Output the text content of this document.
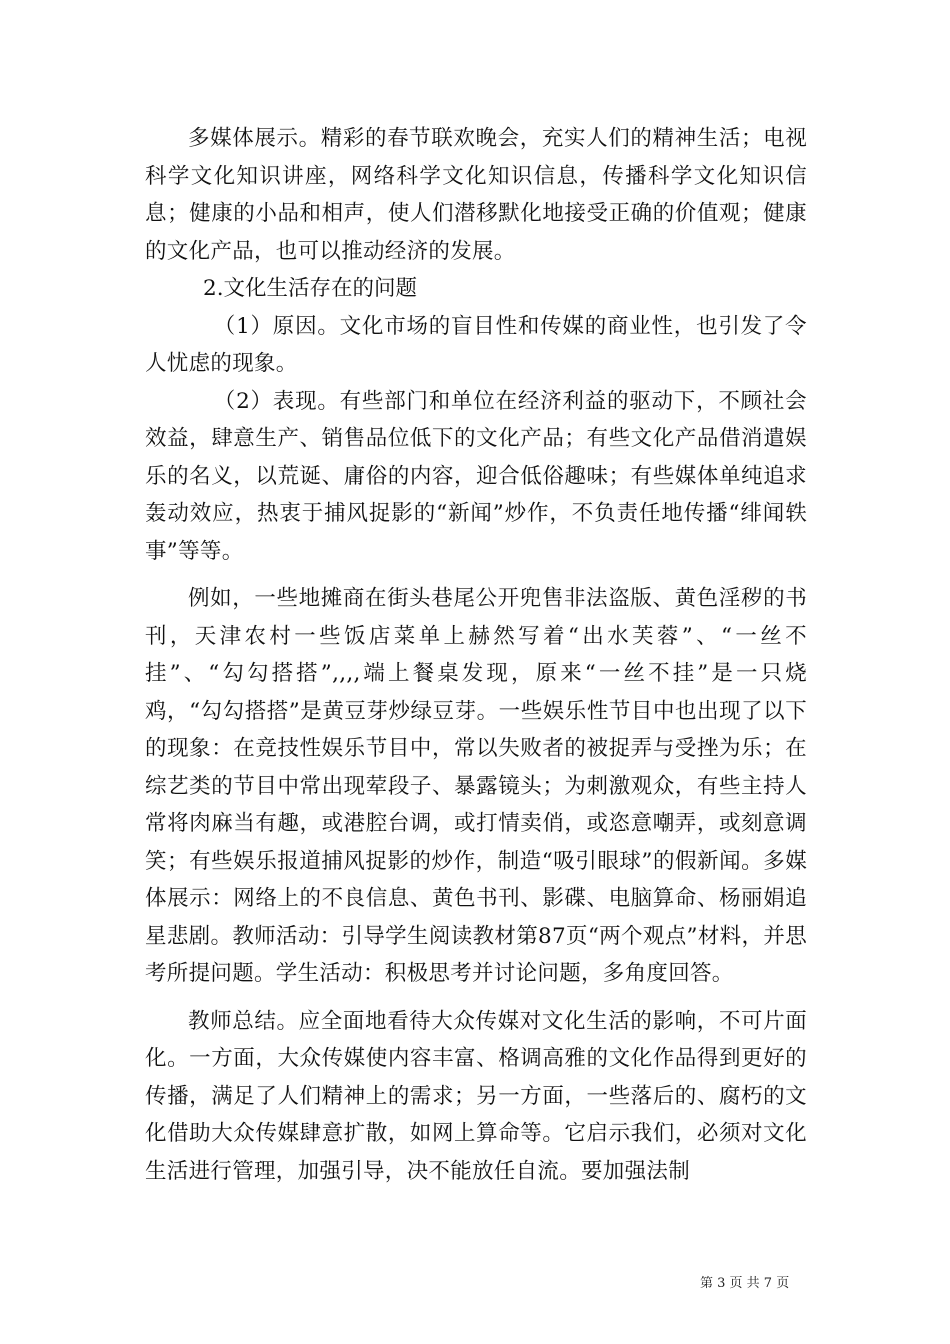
多媒体展示。精彩的春节联欢晚会，充实人们的精神生活；电视科学文化知识讲座，网络科学文化知识信息，传播科学文化知识信息；健康的小品和相声，使人们潜移默化地接受正确的价值观；健康的文化产品，也可以推动经济的发展。

2.文化生活存在的问题

（1）原因。文化市场的盲目性和传媒的商业性，也引发了令人忧虑的现象。

（2）表现。有些部门和单位在经济利益的驱动下，不顾社会效益，肆意生产、销售品位低下的文化产品；有些文化产品借消遣娱乐的名义，以荒诞、庸俗的内容，迎合低俗趣味；有些媒体单纯追求轰动效应，热衷于捕风捉影的“新闻”炒作，不负责任地传播“绯闻轶事”等等。

例如，一些地摊商在街头巷尾公开兜售非法盗版、黄色淫秽的书刊，天津农村一些饭店菜单上赫然写着“出水芙蓉”、“一丝不挂”、“勾勾搭搭”,,,,端上餐桌发现，原来“一丝不挂”是一只烧鸡，“勾勾搭搭”是黄豆芽炒绿豆芽。一些娱乐性节目中也出现了以下的现象：在竞技性娱乐节目中，常以失败者的被捉弄与受挫为乐；在综艺类的节目中常出现荤段子、暴露镜头；为刺激观众，有些主持人常将肉麻当有趣，或港腔台调，或打情卖俏，或恣意嘲弄，或刻意调笑；有些娱乐报道捕风捉影的炒作，制造“吸引眼球”的假新闻。多媒体展示：网络上的不良信息、黄色书刊、影碟、电脑算命、杨丽娟追星悲剧。教师活动：引导学生阅读教材第87页“两个观点”材料，并思考所提问题。学生活动：积极思考并讨论问题，多角度回答。

教师总结。应全面地看待大众传媒对文化生活的影响，不可片面化。一方面，大众传媒使内容丰富、格调高雅的文化作品得到更好的传播，满足了人们精神上的需求；另一方面，一些落后的、腐朽的文化借助大众传媒肆意扩散，如网上算命等。它启示我们，必须对文化生活进行管理，加强引导，决不能放任自流。要加强法制

第 3 页 共 7 页
